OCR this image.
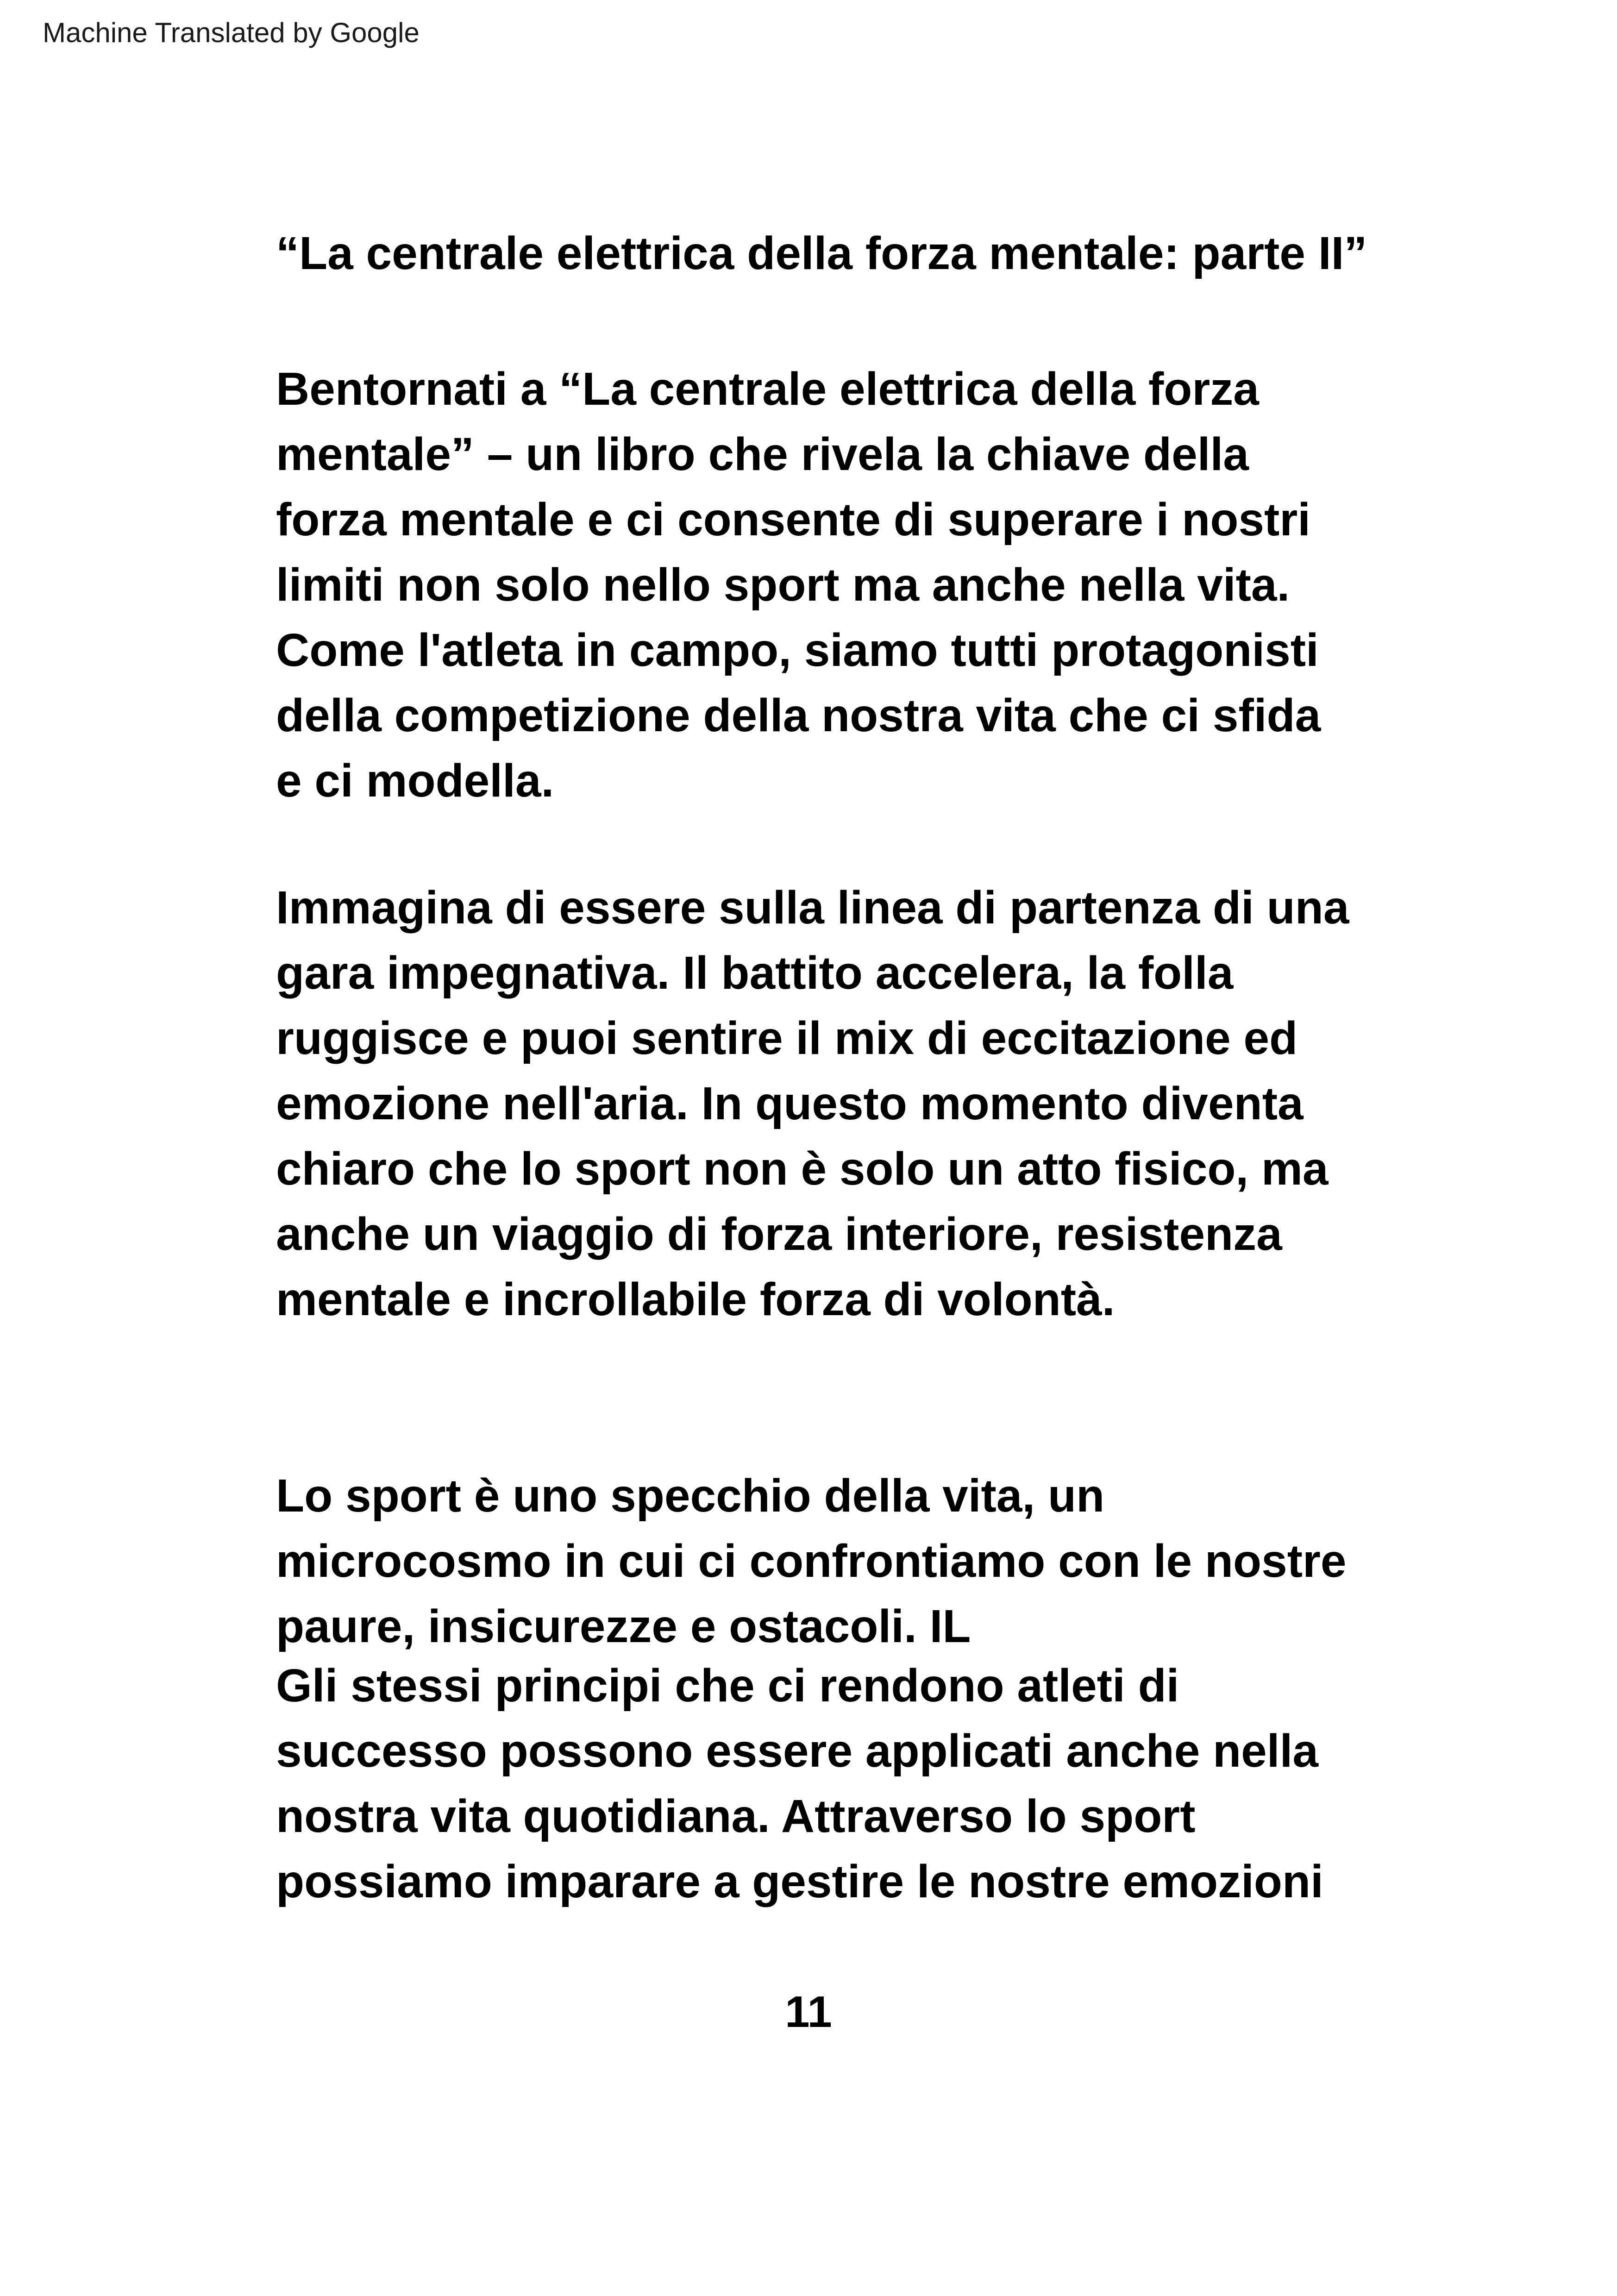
Machine Translated by Google
“La centrale elettrica della forza mentale: parte II”
Bentornati a “La centrale elettrica della forza
mentale” – un libro che rivela la chiave della
forza mentale e ci consente di superare i nostri
limiti non solo nello sport ma anche nella vita.
Come l'atleta in campo, siamo tutti protagonisti
della competizione della nostra vita che ci sfida
e ci modella.
Immagina di essere sulla linea di partenza di una
gara impegnativa. Il battito accelera, la folla
ruggisce e puoi sentire il mix di eccitazione ed
emozione nell'aria. In questo momento diventa
chiaro che lo sport non è solo un atto fisico, ma
anche un viaggio di forza interiore, resistenza
mentale e incrollabile forza di volontà.
Lo sport è uno specchio della vita, un
microcosmo in cui ci confrontiamo con le nostre
paure, insicurezze e ostacoli. IL
Gli stessi principi che ci rendono atleti di
successo possono essere applicati anche nella
nostra vita quotidiana. Attraverso lo sport
possiamo imparare a gestire le nostre emozioni
11
